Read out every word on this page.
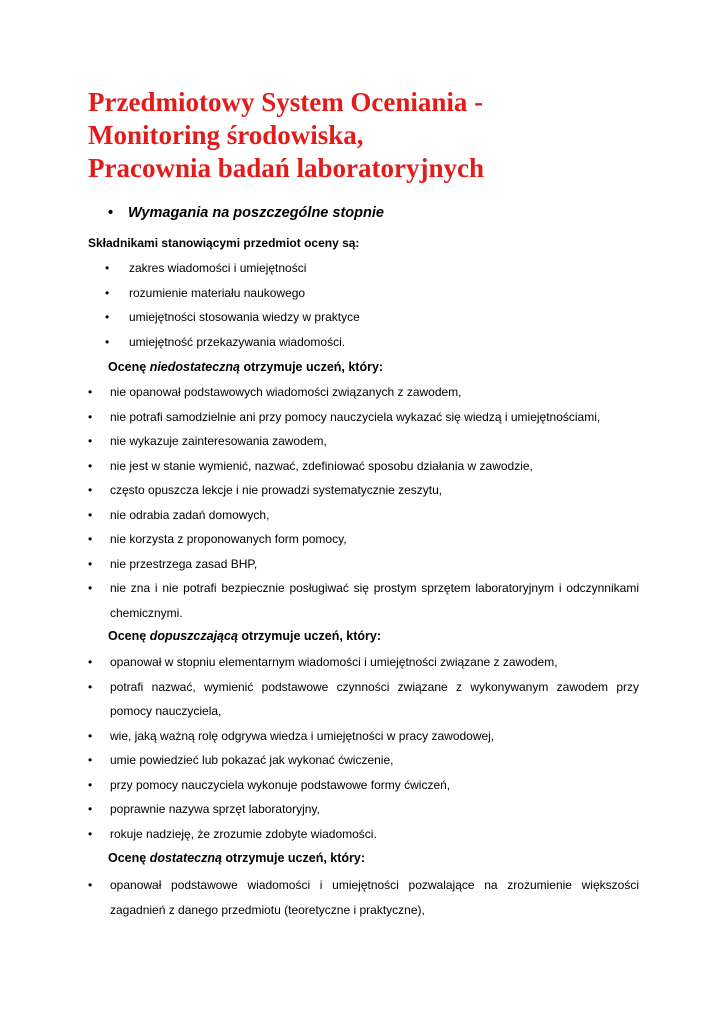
Przedmiotowy System Oceniania -
Monitoring środowiska,
Pracownia badań laboratoryjnych
• Wymagania na poszczególne stopnie
Składnikami stanowiącymi przedmiot oceny są:
• zakres wiadomości i umiejętności
• rozumienie materiału naukowego
• umiejętności stosowania wiedzy w praktyce
• umiejętność przekazywania wiadomości.
Ocenę niedostateczną otrzymuje uczeń, który:
• nie opanował podstawowych wiadomości związanych z zawodem,
• nie potrafi samodzielnie ani przy pomocy nauczyciela wykazać się wiedzą i umiejętnościami,
• nie wykazuje zainteresowania zawodem,
• nie jest w stanie wymienić, nazwać, zdefiniować sposobu działania w zawodzie,
• często opuszcza lekcje i nie prowadzi systematycznie zeszytu,
• nie odrabia zadań domowych,
• nie korzysta z proponowanych form pomocy,
• nie przestrzega zasad BHP,
• nie zna i nie potrafi bezpiecznie posługiwać się prostym sprzętem laboratoryjnym i odczynnikami chemicznymi.
Ocenę dopuszczającą otrzymuje uczeń, który:
• opanował w stopniu elementarnym wiadomości i umiejętności związane z zawodem,
• potrafi nazwać, wymienić podstawowe czynności związane z wykonywanym zawodem przy pomocy nauczyciela,
• wie, jaką ważną rolę odgrywa wiedza i umiejętności w pracy zawodowej,
• umie powiedzieć lub pokazać jak wykonać ćwiczenie,
• przy pomocy nauczyciela wykonuje podstawowe formy ćwiczeń,
• poprawnie nazywa sprzęt laboratoryjny,
• rokuje nadzieję, że zrozumie zdobyte wiadomości.
Ocenę dostateczną otrzymuje uczeń, który:
• opanował podstawowe wiadomości i umiejętności pozwalające na zrozumienie większości zagadnień z danego przedmiotu (teoretyczne i praktyczne),
